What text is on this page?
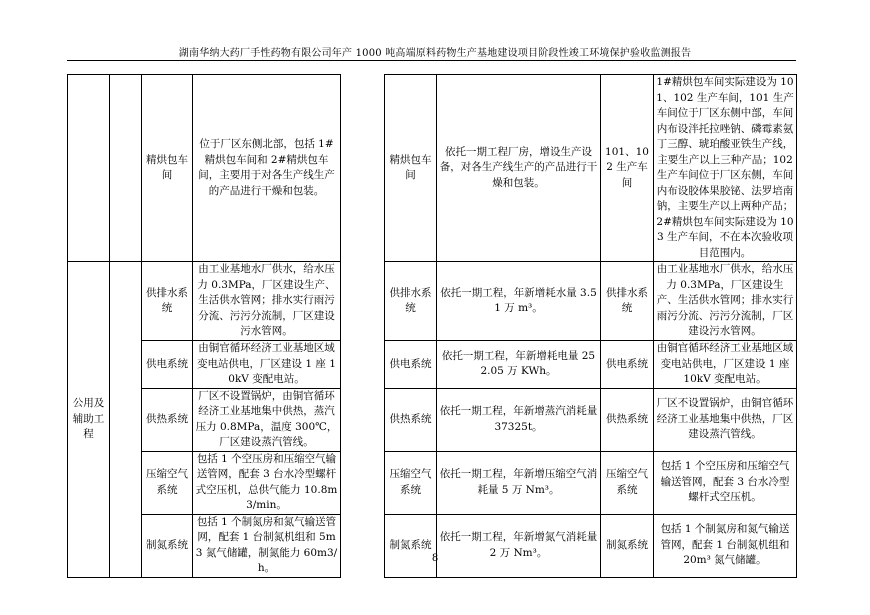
湖南华纳大药厂手性药物有限公司年产 1000 吨高端原料药物生产基地建设项目阶段性竣工环境保护验收监测报告
		精烘包车间	位于厂区东侧北部，包括 1#精烘包车间和 2#精烘包车间，主要用于对各生产线生产的产品进行干燥和包装。		精烘包车间	依托一期工程厂房，增设生产设备，对各生产线生产的产品进行干燥和包装。	101、102 生产车间	1#精烘包车间实际建设为 101、102 生产车间，101 生产车间位于厂区东侧中部，车间内布设泮托拉唑钠、磷霉素氨丁三醇、琥珀酸亚铁生产线，主要生产以上三种产品；102 生产车间位于厂区东侧，车间内布设胶体果胶铋、法罗培南钠，主要生产以上两种产品；2#精烘包车间实际建设为 103 生产车间，不在本次验收项目范围内。
公用及辅助工程		供排水系统	由工业基地水厂供水，给水压力 0.3MPa，厂区建设生产、生活供水管网；排水实行雨污分流、污污分流制，厂区建设污水管网。		供排水系统	依托一期工程，年新增耗水量 3.51 万 m³。	供排水系统	由工业基地水厂供水，给水压力 0.3MPa，厂区建设生产、生活供水管网；排水实行雨污分流、污污分流制，厂区建设污水管网。
		供电系统	由铜官循环经济工业基地区域变电站供电，厂区建设 1 座 10kV 变配电站。		供电系统	依托一期工程，年新增耗电量 252.05 万 KWh。	供电系统	由铜官循环经济工业基地区域变电站供电，厂区建设 1 座 10kV 变配电站。
		供热系统	厂区不设置锅炉，由铜官循环经济工业基地集中供热，蒸汽压力 0.8MPa，温度 300℃，厂区建设蒸汽管线。		供热系统	依托一期工程，年新增蒸汽消耗量 37325t。	供热系统	厂区不设置锅炉，由铜官循环经济工业基地集中供热，厂区建设蒸汽管线。
		压缩空气系统	包括 1 个空压房和压缩空气输送管网，配套 3 台水冷型螺杆式空压机，总供气能力 10.8m3/min。		压缩空气系统	依托一期工程，年新增压缩空气消耗量 5 万 Nm³。	压缩空气系统	包括 1 个空压房和压缩空气输送管网，配套 3 台水冷型螺杆式空压机。
		制氮系统	包括 1 个制氮房和氮气输送管网，配套 1 台制氮机组和 5m3 氮气储罐，制氮能力 60m3/h。		制氮系统	依托一期工程，年新增氮气消耗量 2 万 Nm³。	制氮系统	包括 1 个制氮房和氮气输送管网，配套 1 台制氮机组和 20m³ 氮气储罐。
8
